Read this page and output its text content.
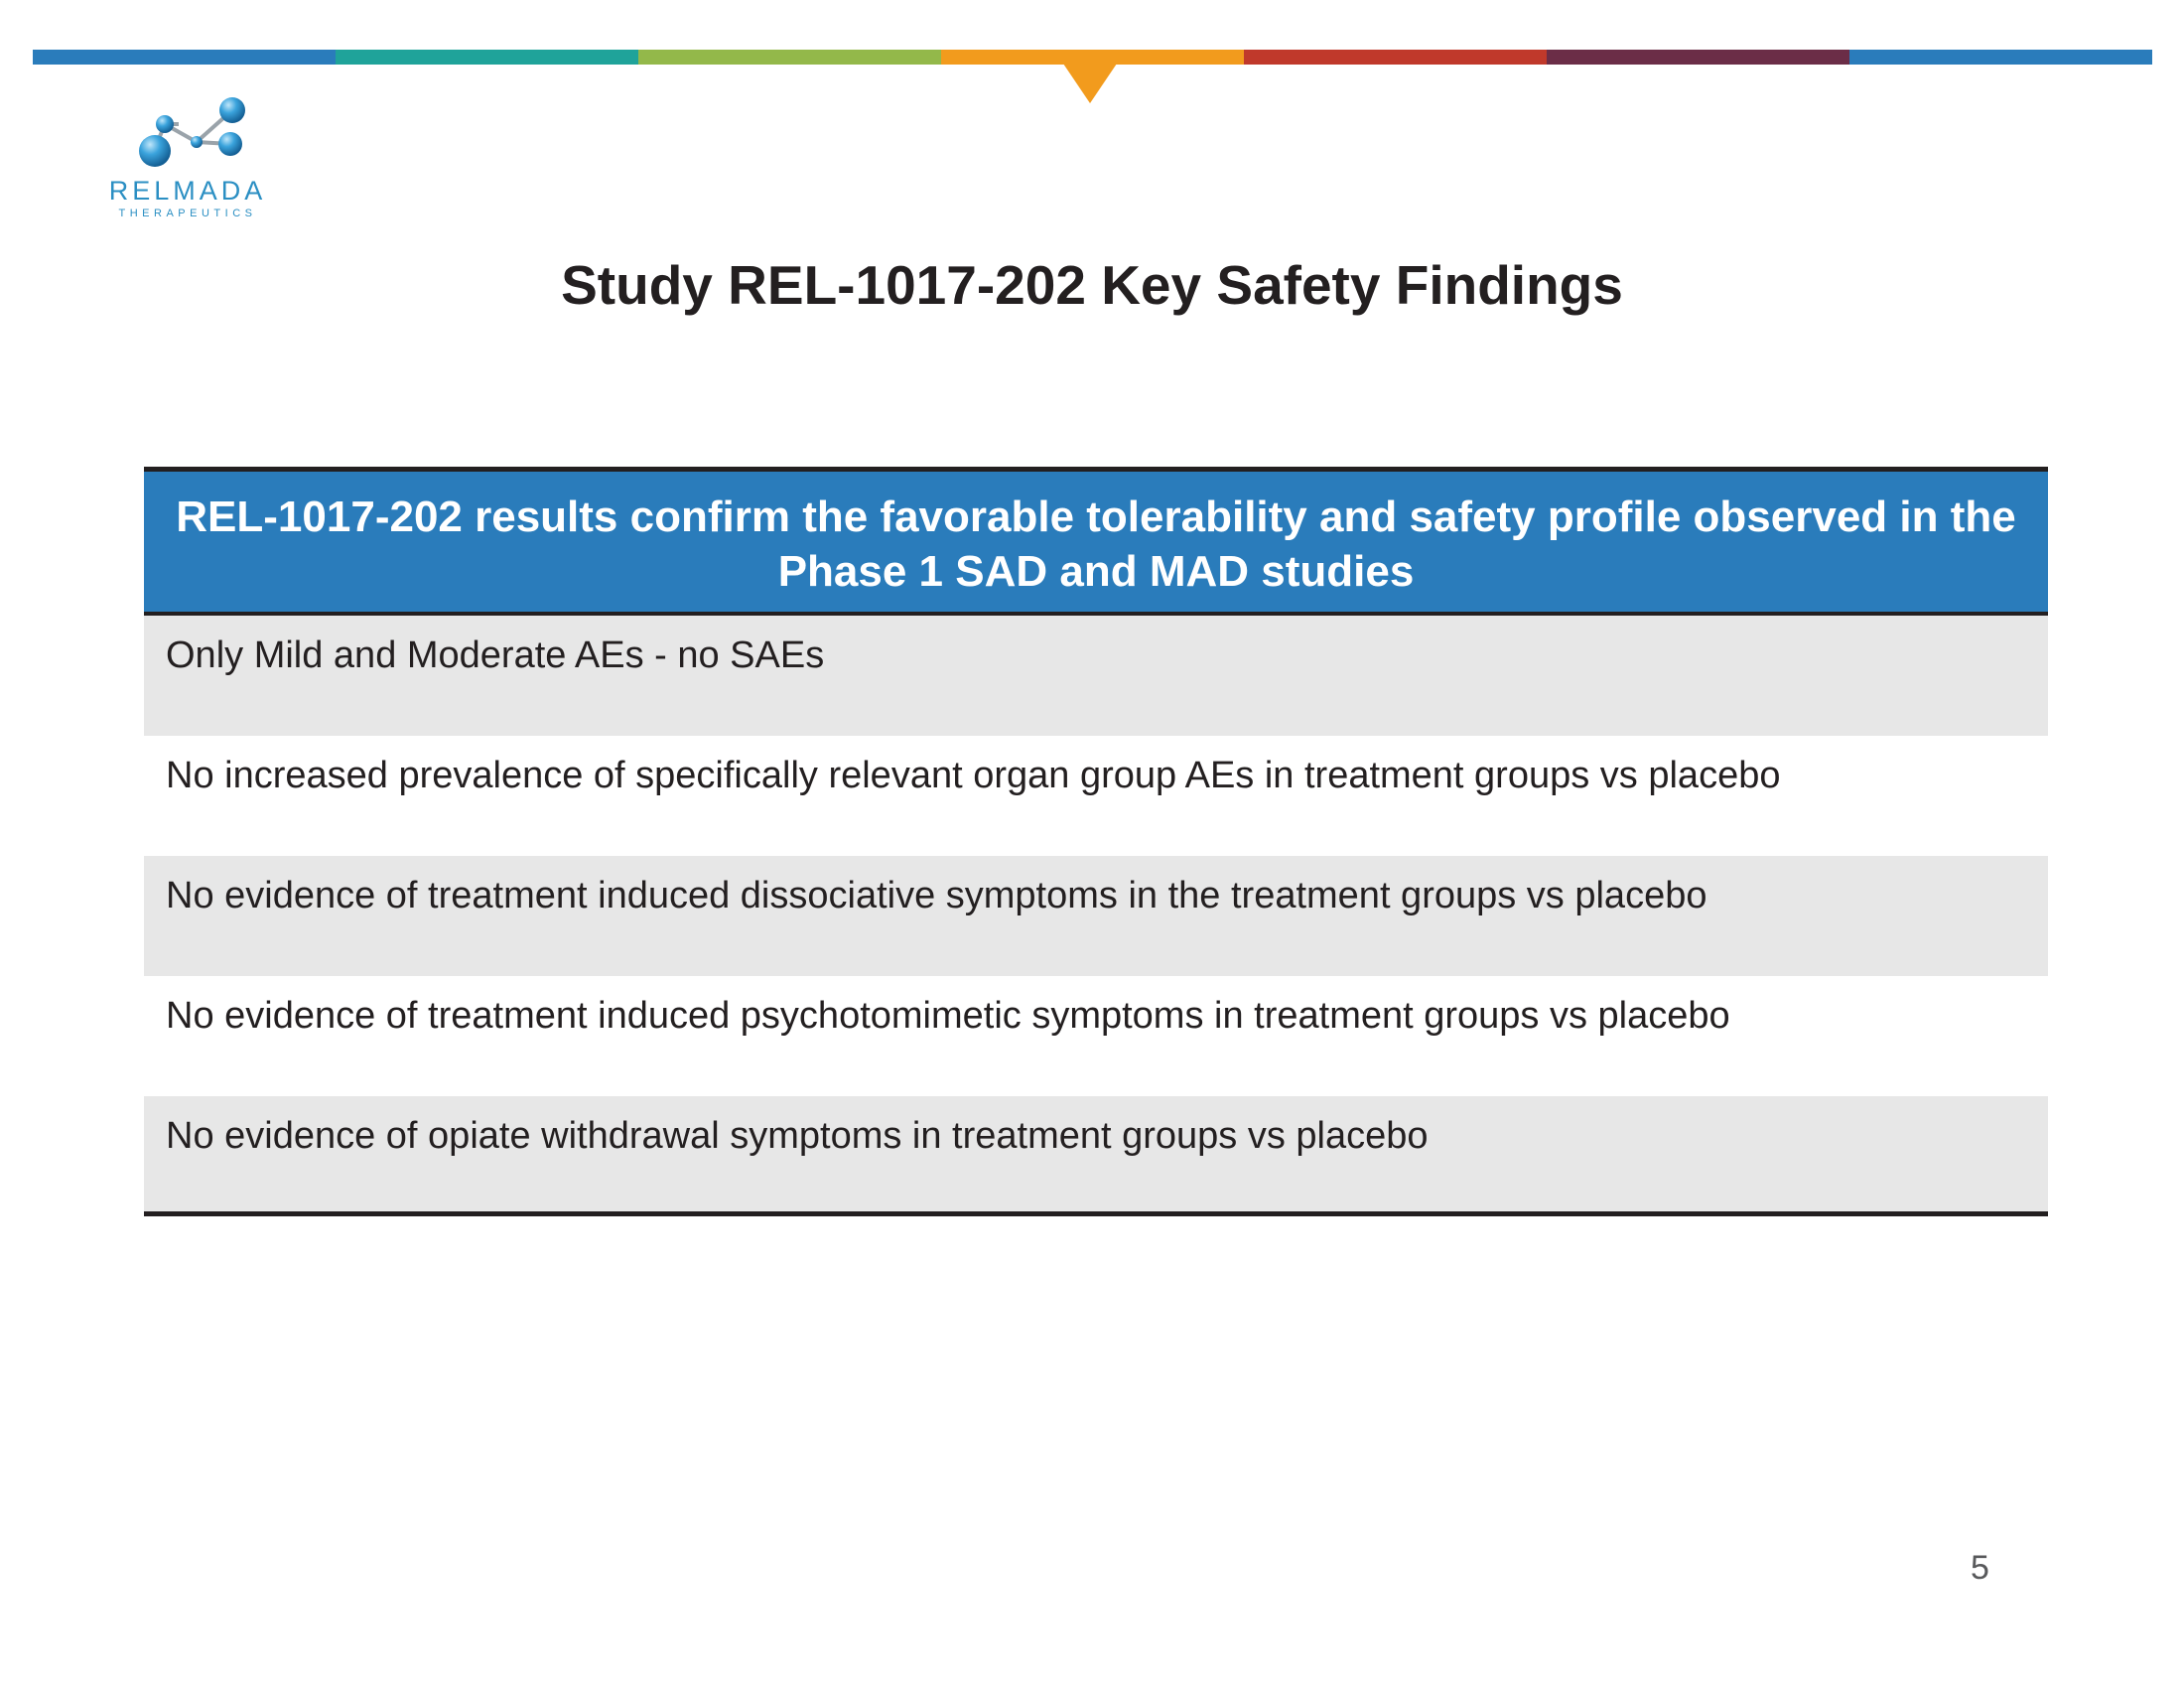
RELMADA
THERAPEUTICS
Study REL-1017-202 Key Safety Findings
REL-1017-202 results confirm the favorable tolerability and safety profile observed in the Phase 1 SAD and MAD studies
Only Mild and Moderate AEs - no SAEs
No increased prevalence of specifically relevant organ group AEs in treatment groups vs placebo
No evidence of treatment induced dissociative symptoms in the treatment groups vs placebo
No evidence of treatment induced psychotomimetic symptoms in treatment groups vs placebo
No evidence of opiate withdrawal symptoms in treatment groups vs placebo
5
